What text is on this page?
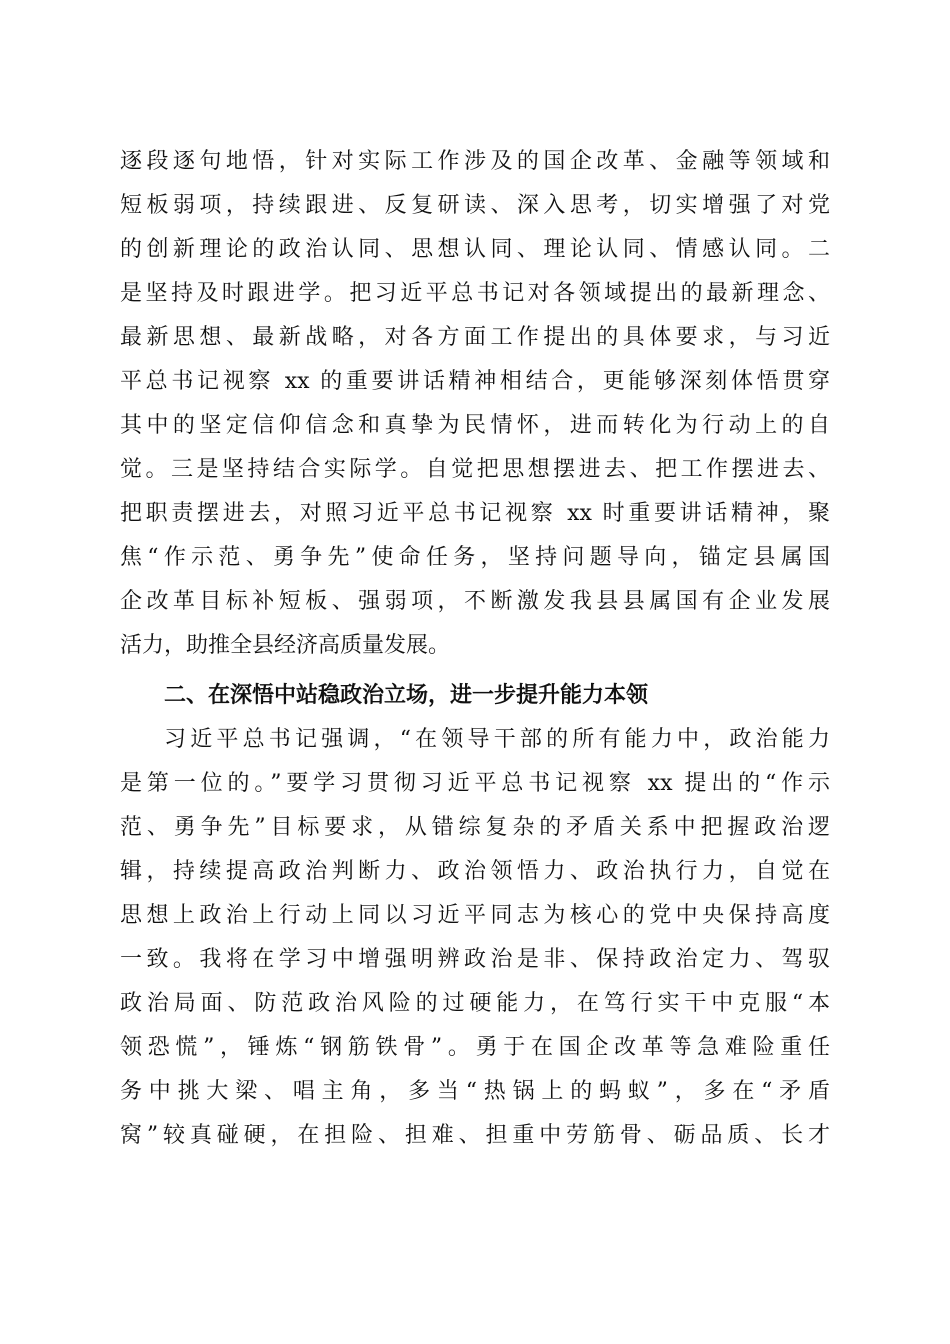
逐段逐句地悟，针对实际工作涉及的国企改革、金融等领域和
短板弱项，持续跟进、反复研读、深入思考，切实增强了对党
的创新理论的政治认同、思想认同、理论认同、情感认同。二
是坚持及时跟进学。把习近平总书记对各领域提出的最新理念、
最新思想、最新战略，对各方面工作提出的具体要求，与习近
平总书记视察 xx 的重要讲话精神相结合，更能够深刻体悟贯穿
其中的坚定信仰信念和真挚为民情怀，进而转化为行动上的自
觉。三是坚持结合实际学。自觉把思想摆进去、把工作摆进去、
把职责摆进去，对照习近平总书记视察 xx 时重要讲话精神，聚
焦“作示范、勇争先”使命任务，坚持问题导向，锚定县属国
企改革目标补短板、强弱项，不断激发我县县属国有企业发展
活力，助推全县经济高质量发展。
二、在深悟中站稳政治立场，进一步提升能力本领
习近平总书记强调，“在领导干部的所有能力中，政治能力
是第一位的。”要学习贯彻习近平总书记视察 xx 提出的“作示
范、勇争先”目标要求，从错综复杂的矛盾关系中把握政治逻
辑，持续提高政治判断力、政治领悟力、政治执行力，自觉在
思想上政治上行动上同以习近平同志为核心的党中央保持高度
一致。我将在学习中增强明辨政治是非、保持政治定力、驾驭
政治局面、防范政治风险的过硬能力，在笃行实干中克服“本
领恐慌”，锤炼“钢筋铁骨”。勇于在国企改革等急难险重任
务中挑大梁、唱主角，多当“热锅上的蚂蚁”，多在“矛盾
窝”较真碰硬，在担险、担难、担重中劳筋骨、砺品质、长才
